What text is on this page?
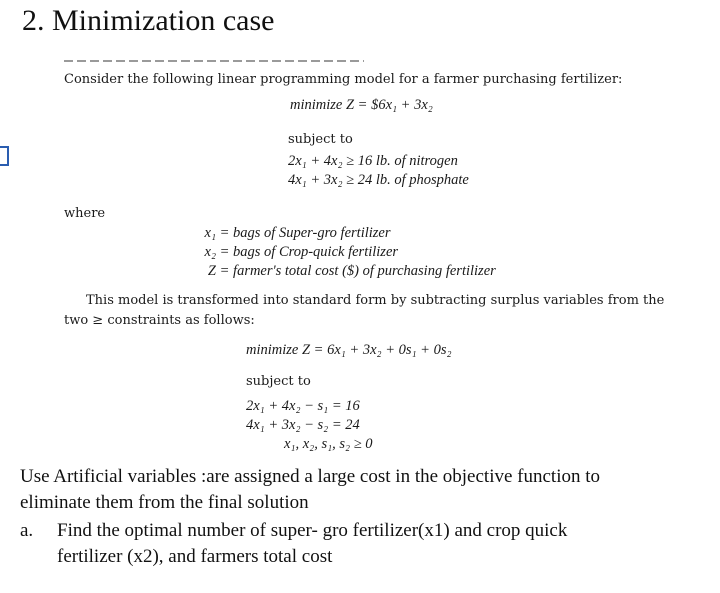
2. Minimization case
Consider the following linear programming model for a farmer purchasing fertilizer:
minimize Z = $6x₁ + 3x₂
subject to
2x₁ + 4x₂ ≥ 16 lb. of nitrogen
4x₁ + 3x₂ ≥ 24 lb. of phosphate
where
x₁ = bags of Super-gro fertilizer
x₂ = bags of Crop-quick fertilizer
Z = farmer's total cost ($) of purchasing fertilizer
This model is transformed into standard form by subtracting surplus variables from the
two ≥ constraints as follows:
minimize Z = 6x₁ + 3x₂ + 0s₁ + 0s₂
subject to
2x₁ + 4x₂ − s₁ = 16
4x₁ + 3x₂ − s₂ = 24
x₁, x₂, s₁, s₂ ≥ 0
Use Artificial variables :are assigned a large cost in the objective function to
eliminate them from the final solution
a. Find the optimal number of super- gro fertilizer(x1) and crop quick
fertilizer (x2), and farmers total cost
